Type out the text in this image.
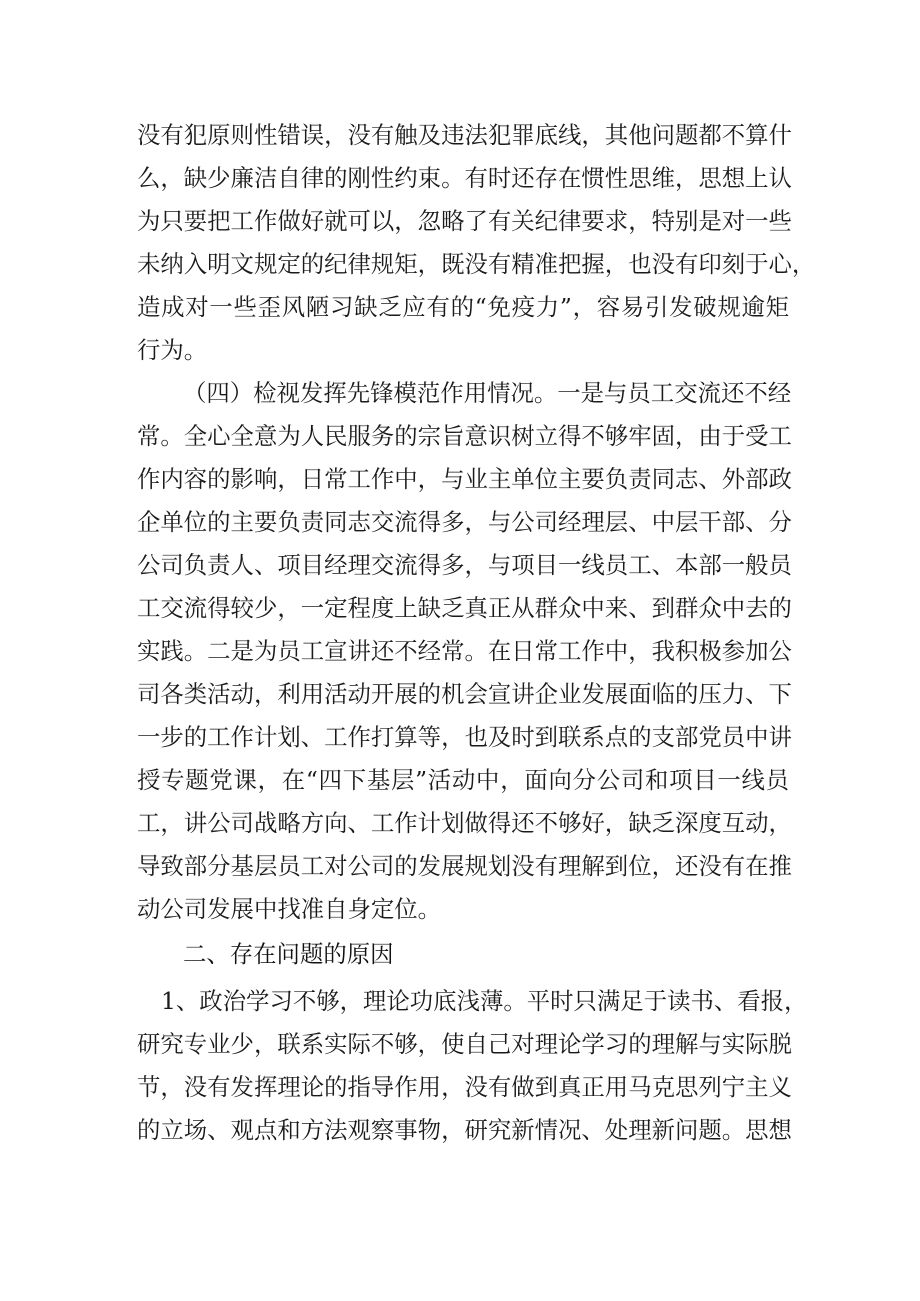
没有犯原则性错误，没有触及违法犯罪底线，其他问题都不算什
么，缺少廉洁自律的刚性约束。有时还存在惯性思维，思想上认
为只要把工作做好就可以，忽略了有关纪律要求，特别是对一些
未纳入明文规定的纪律规矩，既没有精准把握，也没有印刻于心，
造成对一些歪风陋习缺乏应有的“免疫力”，容易引发破规逾矩
行为。
（四）检视发挥先锋模范作用情况。一是与员工交流还不经
常。全心全意为人民服务的宗旨意识树立得不够牢固，由于受工
作内容的影响，日常工作中，与业主单位主要负责同志、外部政
企单位的主要负责同志交流得多，与公司经理层、中层干部、分
公司负责人、项目经理交流得多，与项目一线员工、本部一般员
工交流得较少，一定程度上缺乏真正从群众中来、到群众中去的
实践。二是为员工宣讲还不经常。在日常工作中，我积极参加公
司各类活动，利用活动开展的机会宣讲企业发展面临的压力、下
一步的工作计划、工作打算等，也及时到联系点的支部党员中讲
授专题党课，在“四下基层”活动中，面向分公司和项目一线员
工，讲公司战略方向、工作计划做得还不够好，缺乏深度互动，
导致部分基层员工对公司的发展规划没有理解到位，还没有在推
动公司发展中找准自身定位。
二、存在问题的原因
1、政治学习不够，理论功底浅薄。平时只满足于读书、看报，
研究专业少，联系实际不够，使自己对理论学习的理解与实际脱
节，没有发挥理论的指导作用，没有做到真正用马克思列宁主义
的立场、观点和方法观察事物，研究新情况、处理新问题。思想
